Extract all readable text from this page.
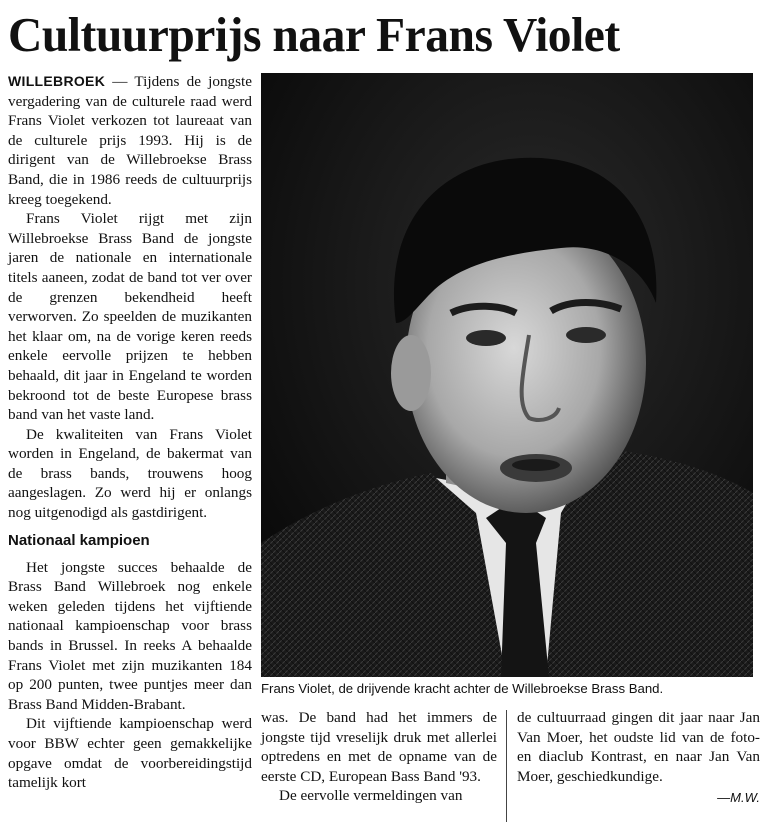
Cultuurprijs naar Frans Violet

WILLEBROEK — Tijdens de jongste vergadering van de culturele raad werd Frans Violet verkozen tot laureaat van de culturele prijs 1993. Hij is de dirigent van de Willebroekse Brass Band, die in 1986 reeds de cultuurprijs kreeg toegekend.

Frans Violet rijgt met zijn Willebroekse Brass Band de jongste jaren de nationale en internationale titels aaneen, zodat de band tot ver over de grenzen bekendheid heeft verworven. Zo speelden de muzikanten het klaar om, na de vorige keren reeds enkele eervolle prijzen te hebben behaald, dit jaar in Engeland te worden bekroond tot de beste Europese brass band van het vaste land.

De kwaliteiten van Frans Violet worden in Engeland, de bakermat van de brass bands, trouwens hoog aangeslagen. Zo werd hij er onlangs nog uitgenodigd als gastdirigent.

Nationaal kampioen

Het jongste succes behaalde de Brass Band Willebroek nog enkele weken geleden tijdens het vijftiende nationaal kampioenschap voor brass bands in Brussel. In reeks A behaalde Frans Violet met zijn muzikanten 184 op 200 punten, twee puntjes meer dan Brass Band Midden-Brabant.

Dit vijftiende kampioenschap werd voor BBW echter geen gemakkelijke opgave omdat de voorbereidingstijd tamelijk kort

Frans Violet, de drijvende kracht achter de Willebroekse Brass Band.

was. De band had het immers de jongste tijd vreselijk druk met allerlei optredens en met de opname van de eerste CD, European Bass Band '93.

De eervolle vermeldingen van

de cultuurraad gingen dit jaar naar Jan Van Moer, het oudste lid van de foto- en diaclub Kontrast, en naar Jan Van Moer, geschiedkundige.

—M.W.
